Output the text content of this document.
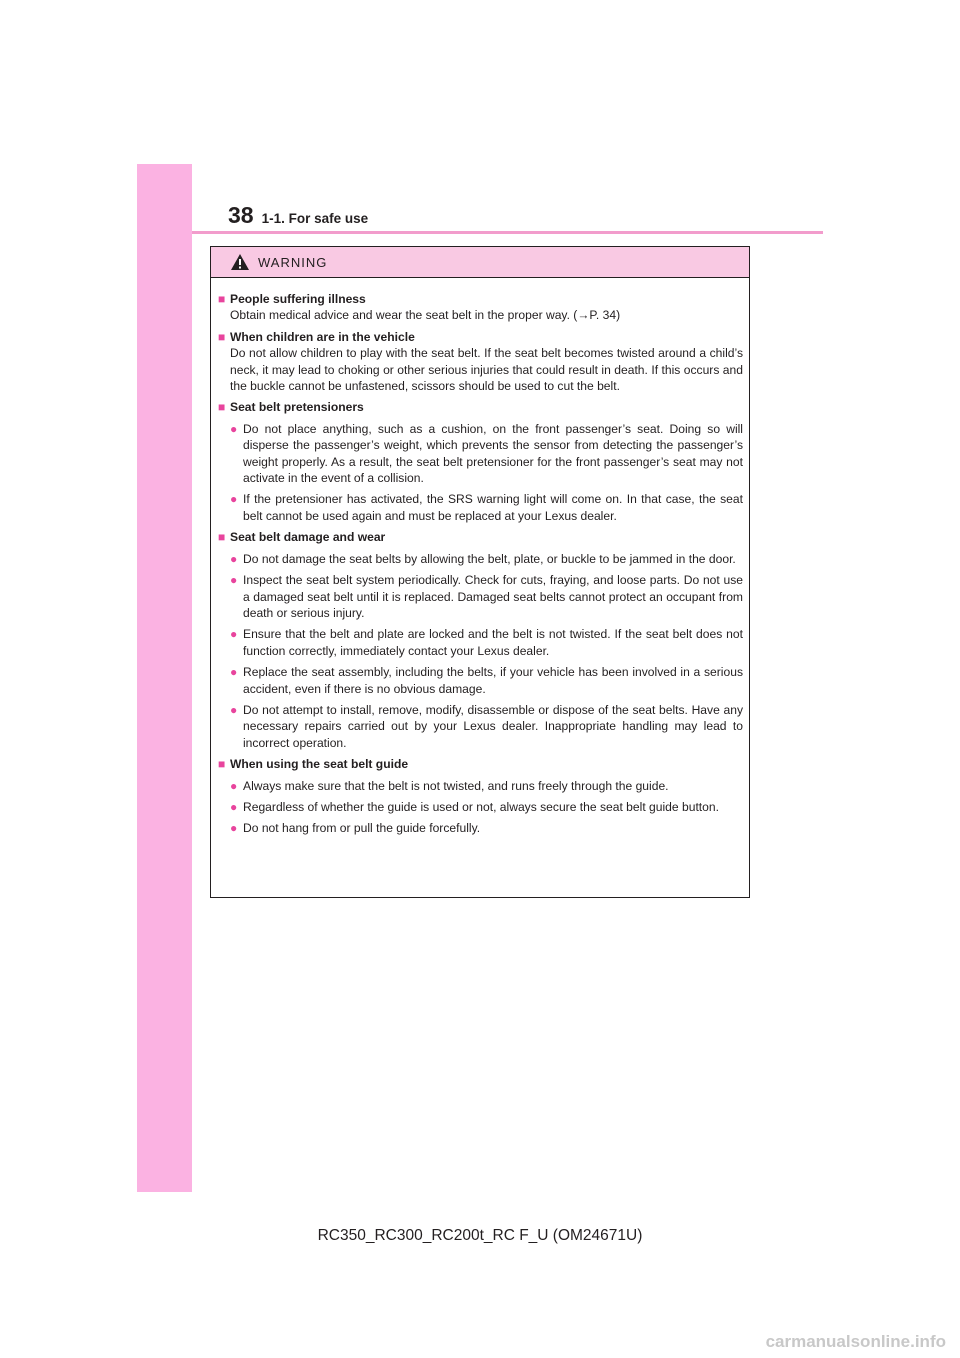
38 1-1. For safe use
WARNING
■ People suffering illness
Obtain medical advice and wear the seat belt in the proper way. (→P. 34)
■ When children are in the vehicle
Do not allow children to play with the seat belt. If the seat belt becomes twisted around a child’s neck, it may lead to choking or other serious injuries that could result in death. If this occurs and the buckle cannot be unfastened, scissors should be used to cut the belt.
■ Seat belt pretensioners
● Do not place anything, such as a cushion, on the front passenger’s seat. Doing so will disperse the passenger’s weight, which prevents the sensor from detecting the passenger’s weight properly. As a result, the seat belt pretensioner for the front passenger’s seat may not activate in the event of a collision.
● If the pretensioner has activated, the SRS warning light will come on. In that case, the seat belt cannot be used again and must be replaced at your Lexus dealer.
■ Seat belt damage and wear
● Do not damage the seat belts by allowing the belt, plate, or buckle to be jammed in the door.
● Inspect the seat belt system periodically. Check for cuts, fraying, and loose parts. Do not use a damaged seat belt until it is replaced. Damaged seat belts cannot protect an occupant from death or serious injury.
● Ensure that the belt and plate are locked and the belt is not twisted. If the seat belt does not function correctly, immediately contact your Lexus dealer.
● Replace the seat assembly, including the belts, if your vehicle has been involved in a serious accident, even if there is no obvious damage.
● Do not attempt to install, remove, modify, disassemble or dispose of the seat belts. Have any necessary repairs carried out by your Lexus dealer. Inappropriate handling may lead to incorrect operation.
■ When using the seat belt guide
● Always make sure that the belt is not twisted, and runs freely through the guide.
● Regardless of whether the guide is used or not, always secure the seat belt guide button.
● Do not hang from or pull the guide forcefully.
RC350_RC300_RC200t_RC F_U (OM24671U)
carmanualsonline.info
